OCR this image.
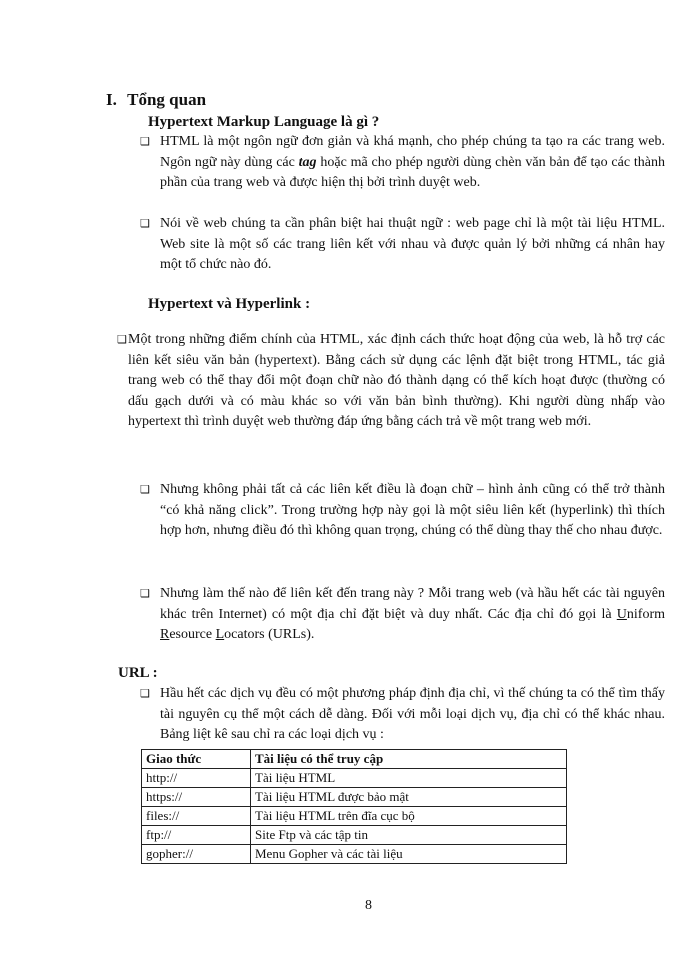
I. Tổng quan
Hypertext Markup Language là gì ?
❑ HTML là một ngôn ngữ đơn giản và khá mạnh, cho phép chúng ta tạo ra các trang web. Ngôn ngữ này dùng các tag hoặc mã cho phép người dùng chèn văn bản để tạo các thành phần của trang web và được hiện thị bởi trình duyệt web.
❑ Nói về web chúng ta cần phân biệt hai thuật ngữ : web page chỉ là một tài liệu HTML. Web site là một số các trang liên kết với nhau và được quản lý bởi những cá nhân hay một tổ chức nào đó.
Hypertext và Hyperlink :
❑ Một trong những điểm chính của HTML, xác định cách thức hoạt động của web, là hỗ trợ các liên kết siêu văn bản (hypertext). Bằng cách sử dụng các lệnh đặt biệt trong HTML, tác giả trang web có thể thay đổi một đoạn chữ nào đó thành dạng có thể kích hoạt được (thường có dấu gạch dưới và có màu khác so với văn bản bình thường). Khi người dùng nhấp vào hypertext thì trình duyệt web thường đáp ứng bằng cách trả về một trang web mới.
❑ Nhưng không phải tất cả các liên kết điều là đoạn chữ – hình ảnh cũng có thể trở thành “có khả năng click”. Trong trường hợp này gọi là một siêu liên kết (hyperlink) thì thích hợp hơn, nhưng điều đó thì không quan trọng, chúng có thể dùng thay thế cho nhau được.
❑ Nhưng làm thế nào để liên kết đến trang này ? Mỗi trang web (và hầu hết các tài nguyên khác trên Internet) có một địa chỉ đặt biệt và duy nhất. Các địa chỉ đó gọi là Uniform Resource Locators (URLs).
URL :
❑ Hầu hết các dịch vụ đều có một phương pháp định địa chỉ, vì thế chúng ta có thể tìm thấy tài nguyên cụ thể một cách dễ dàng. Đối với mỗi loại dịch vụ, địa chỉ có thể khác nhau. Bảng liệt kê sau chỉ ra các loại dịch vụ :
Giao thức	Tài liệu có thể truy cập
http://	Tài liệu HTML
https://	Tài liệu HTML được bảo mật
files://	Tài liệu HTML trên đĩa cục bộ
ftp://	Site Ftp và các tập tin
gopher://	Menu Gopher và các tài liệu
8
